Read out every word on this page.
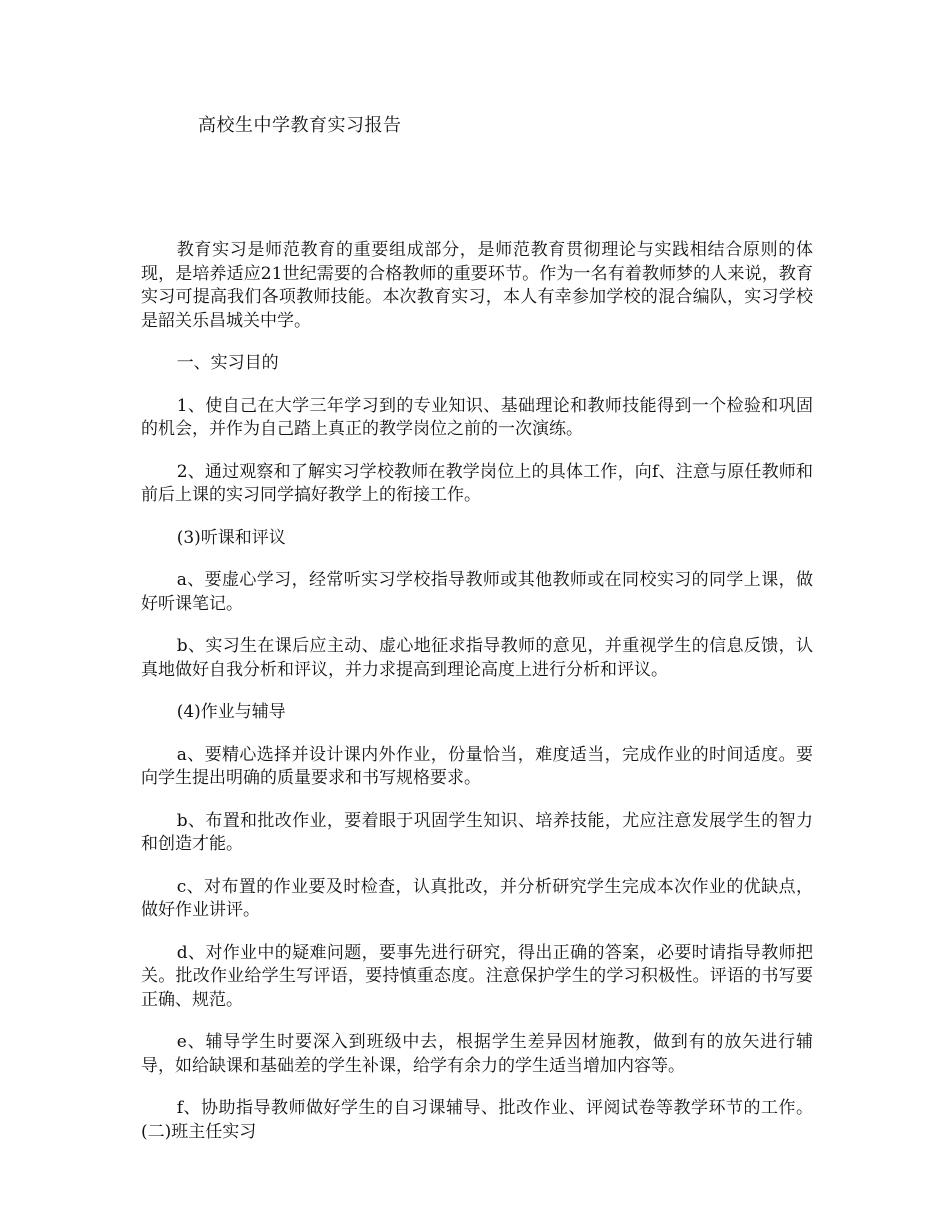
高校生中学教育实习报告

教育实习是师范教育的重要组成部分，是师范教育贯彻理论与实践相结合原则的体现，是培养适应21世纪需要的合格教师的重要环节。作为一名有着教师梦的人来说，教育实习可提高我们各项教师技能。本次教育实习，本人有幸参加学校的混合编队，实习学校是韶关乐昌城关中学。

一、实习目的

1、使自己在大学三年学习到的专业知识、基础理论和教师技能得到一个检验和巩固的机会，并作为自己踏上真正的教学岗位之前的一次演练。

2、通过观察和了解实习学校教师在教学岗位上的具体工作，向f、注意与原任教师和前后上课的实习同学搞好教学上的衔接工作。

(3)听课和评议

a、要虚心学习，经常听实习学校指导教师或其他教师或在同校实习的同学上课，做好听课笔记。

b、实习生在课后应主动、虚心地征求指导教师的意见，并重视学生的信息反馈，认真地做好自我分析和评议，并力求提高到理论高度上进行分析和评议。

(4)作业与辅导

a、要精心选择并设计课内外作业，份量恰当，难度适当，完成作业的时间适度。要向学生提出明确的质量要求和书写规格要求。

b、布置和批改作业，要着眼于巩固学生知识、培养技能，尤应注意发展学生的智力和创造才能。

c、对布置的作业要及时检查，认真批改，并分析研究学生完成本次作业的优缺点，做好作业讲评。

d、对作业中的疑难问题，要事先进行研究，得出正确的答案，必要时请指导教师把关。批改作业给学生写评语，要持慎重态度。注意保护学生的学习积极性。评语的书写要正确、规范。

e、辅导学生时要深入到班级中去，根据学生差异因材施教，做到有的放矢进行辅导，如给缺课和基础差的学生补课，给学有余力的学生适当增加内容等。

f、协助指导教师做好学生的自习课辅导、批改作业、评阅试卷等教学环节的工作。(二)班主任实习
